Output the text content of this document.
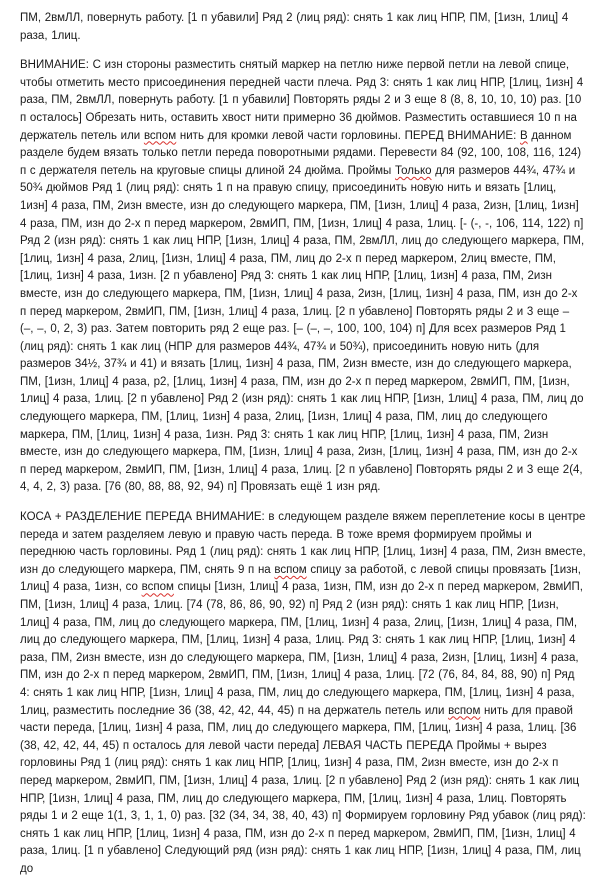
ПМ, 2вмЛЛ, повернуть работу. [1 п убавили] Ряд 2 (лиц ряд): снять 1 как лиц НПР, ПМ, [1изн, 1лиц] 4 раза, 1лиц.

ВНИМАНИЕ: С изн стороны разместить снятый маркер на петлю ниже первой петли на левой спице, чтобы отметить место присоединения передней части плеча. Ряд 3: снять 1 как лиц НПР, [1лиц, 1изн] 4 раза, ПМ, 2вмЛЛ, повернуть работу. [1 п убавили] Повторять ряды 2 и 3 еще 8 (8, 8, 10, 10, 10) раз. [10 п осталось] Обрезать нить, оставить хвост нити примерно 36 дюймов. Разместить оставшиеся 10 п на держатель петель или вспом нить для кромки левой части горловины. ПЕРЕД ВНИМАНИЕ: В данном разделе будем вязать только петли переда поворотными рядами. Перевести 84 (92, 100, 108, 116, 124) п с держателя петель на круговые спицы длиной 24 дюйма. Проймы Только для размеров 44¾, 47¾ и 50¾ дюймов Ряд 1 (лиц ряд): снять 1 п на правую спицу, присоединить новую нить и вязать [1лиц, 1изн] 4 раза, ПМ, 2изн вместе, изн до следующего маркера, ПМ, [1изн, 1лиц] 4 раза, 2изн, [1лиц, 1изн] 4 раза, ПМ, изн до 2-х п перед маркером, 2вмИП, ПМ, [1изн, 1лиц] 4 раза, 1лиц. [- (-, -, 106, 114, 122) п] Ряд 2 (изн ряд): снять 1 как лиц НПР, [1изн, 1лиц] 4 раза, ПМ, 2вмЛЛ, лиц до следующего маркера, ПМ, [1лиц, 1изн] 4 раза, 2лиц, [1изн, 1лиц] 4 раза, ПМ, лиц до 2-х п перед маркером, 2лиц вместе, ПМ, [1лиц, 1изн] 4 раза, 1изн. [2 п убавлено] Ряд 3: снять 1 как лиц НПР, [1лиц, 1изн] 4 раза, ПМ, 2изн вместе, изн до следующего маркера, ПМ, [1изн, 1лиц] 4 раза, 2изн, [1лиц, 1изн] 4 раза, ПМ, изн до 2-х п перед маркером, 2вмИП, ПМ, [1изн, 1лиц] 4 раза, 1лиц. [2 п убавлено] Повторять ряды 2 и 3 еще – (–, –, 0, 2, 3) раз. Затем повторить ряд 2 еще раз. [– (–, –, 100, 100, 104) п] Для всех размеров Ряд 1 (лиц ряд): снять 1 как лиц (НПР для размеров 44¾, 47¾ и 50¾), присоединить новую нить (для размеров 34½, 37¾ и 41) и вязать [1лиц, 1изн] 4 раза, ПМ, 2изн вместе, изн до следующего маркера, ПМ, [1изн, 1лиц] 4 раза, р2, [1лиц, 1изн] 4 раза, ПМ, изн до 2-х п перед маркером, 2вмИП, ПМ, [1изн, 1лиц] 4 раза, 1лиц. [2 п убавлено] Ряд 2 (изн ряд): снять 1 как лиц НПР, [1изн, 1лиц] 4 раза, ПМ, лиц до следующего маркера, ПМ, [1лиц, 1изн] 4 раза, 2лиц, [1изн, 1лиц] 4 раза, ПМ, лиц до следующего маркера, ПМ, [1лиц, 1изн] 4 раза, 1изн. Ряд 3: снять 1 как лиц НПР, [1лиц, 1изн] 4 раза, ПМ, 2изн вместе, изн до следующего маркера, ПМ, [1изн, 1лиц] 4 раза, 2изн, [1лиц, 1изн] 4 раза, ПМ, изн до 2-х п перед маркером, 2вмИП, ПМ, [1изн, 1лиц] 4 раза, 1лиц. [2 п убавлено] Повторять ряды 2 и 3 еще 2(4, 4, 4, 2, 3) раза. [76 (80, 88, 88, 92, 94) п] Провязать ещё 1 изн ряд.

КОСА + РАЗДЕЛЕНИЕ ПЕРЕДА ВНИМАНИЕ: в следующем разделе вяжем переплетение косы в центре переда и затем разделяем левую и правую часть переда. В тоже время формируем проймы и переднюю часть горловины. Ряд 1 (лиц ряд): снять 1 как лиц НПР, [1лиц, 1изн] 4 раза, ПМ, 2изн вместе, изн до следующего маркера, ПМ, снять 9 п на вспом спицу за работой, с левой спицы провязать [1изн, 1лиц] 4 раза, 1изн, со вспом спицы [1изн, 1лиц] 4 раза, 1изн, ПМ, изн до 2-х п перед маркером, 2вмИП, ПМ, [1изн, 1лиц] 4 раза, 1лиц. [74 (78, 86, 86, 90, 92) п] Ряд 2 (изн ряд): снять 1 как лиц НПР, [1изн, 1лиц] 4 раза, ПМ, лиц до следующего маркера, ПМ, [1лиц, 1изн] 4 раза, 2лиц, [1изн, 1лиц] 4 раза, ПМ, лиц до следующего маркера, ПМ, [1лиц, 1изн] 4 раза, 1лиц. Ряд 3: снять 1 как лиц НПР, [1лиц, 1изн] 4 раза, ПМ, 2изн вместе, изн до следующего маркера, ПМ, [1изн, 1лиц] 4 раза, 2изн, [1лиц, 1изн] 4 раза, ПМ, изн до 2-х п перед маркером, 2вмИП, ПМ, [1изн, 1лиц] 4 раза, 1лиц. [72 (76, 84, 84, 88, 90) п] Ряд 4: снять 1 как лиц НПР, [1изн, 1лиц] 4 раза, ПМ, лиц до следующего маркера, ПМ, [1лиц, 1изн] 4 раза, 1лиц, разместить последние 36 (38, 42, 42, 44, 45) п на держатель петель или вспом нить для правой части переда, [1лиц, 1изн] 4 раза, ПМ, лиц до следующего маркера, ПМ, [1лиц, 1изн] 4 раза, 1лиц. [36 (38, 42, 42, 44, 45) п осталось для левой части переда] ЛЕВАЯ ЧАСТЬ ПЕРЕДА Проймы + вырез горловины Ряд 1 (лиц ряд): снять 1 как лиц НПР, [1лиц, 1изн] 4 раза, ПМ, 2изн вместе, изн до 2-х п перед маркером, 2вмИП, ПМ, [1изн, 1лиц] 4 раза, 1лиц. [2 п убавлено] Ряд 2 (изн ряд): снять 1 как лиц НПР, [1изн, 1лиц] 4 раза, ПМ, лиц до следующего маркера, ПМ, [1лиц, 1изн] 4 раза, 1лиц. Повторять ряды 1 и 2 еще 1(1, 3, 1, 1, 0) раз. [32 (34, 34, 38, 40, 43) п] Формируем горловину Ряд убавок (лиц ряд): снять 1 как лиц НПР, [1лиц, 1изн] 4 раза, ПМ, изн до 2-х п перед маркером, 2вмИП, ПМ, [1изн, 1лиц] 4 раза, 1лиц. [1 п убавлено] Следующий ряд (изн ряд): снять 1 как лиц НПР, [1изн, 1лиц] 4 раза, ПМ, лиц до
